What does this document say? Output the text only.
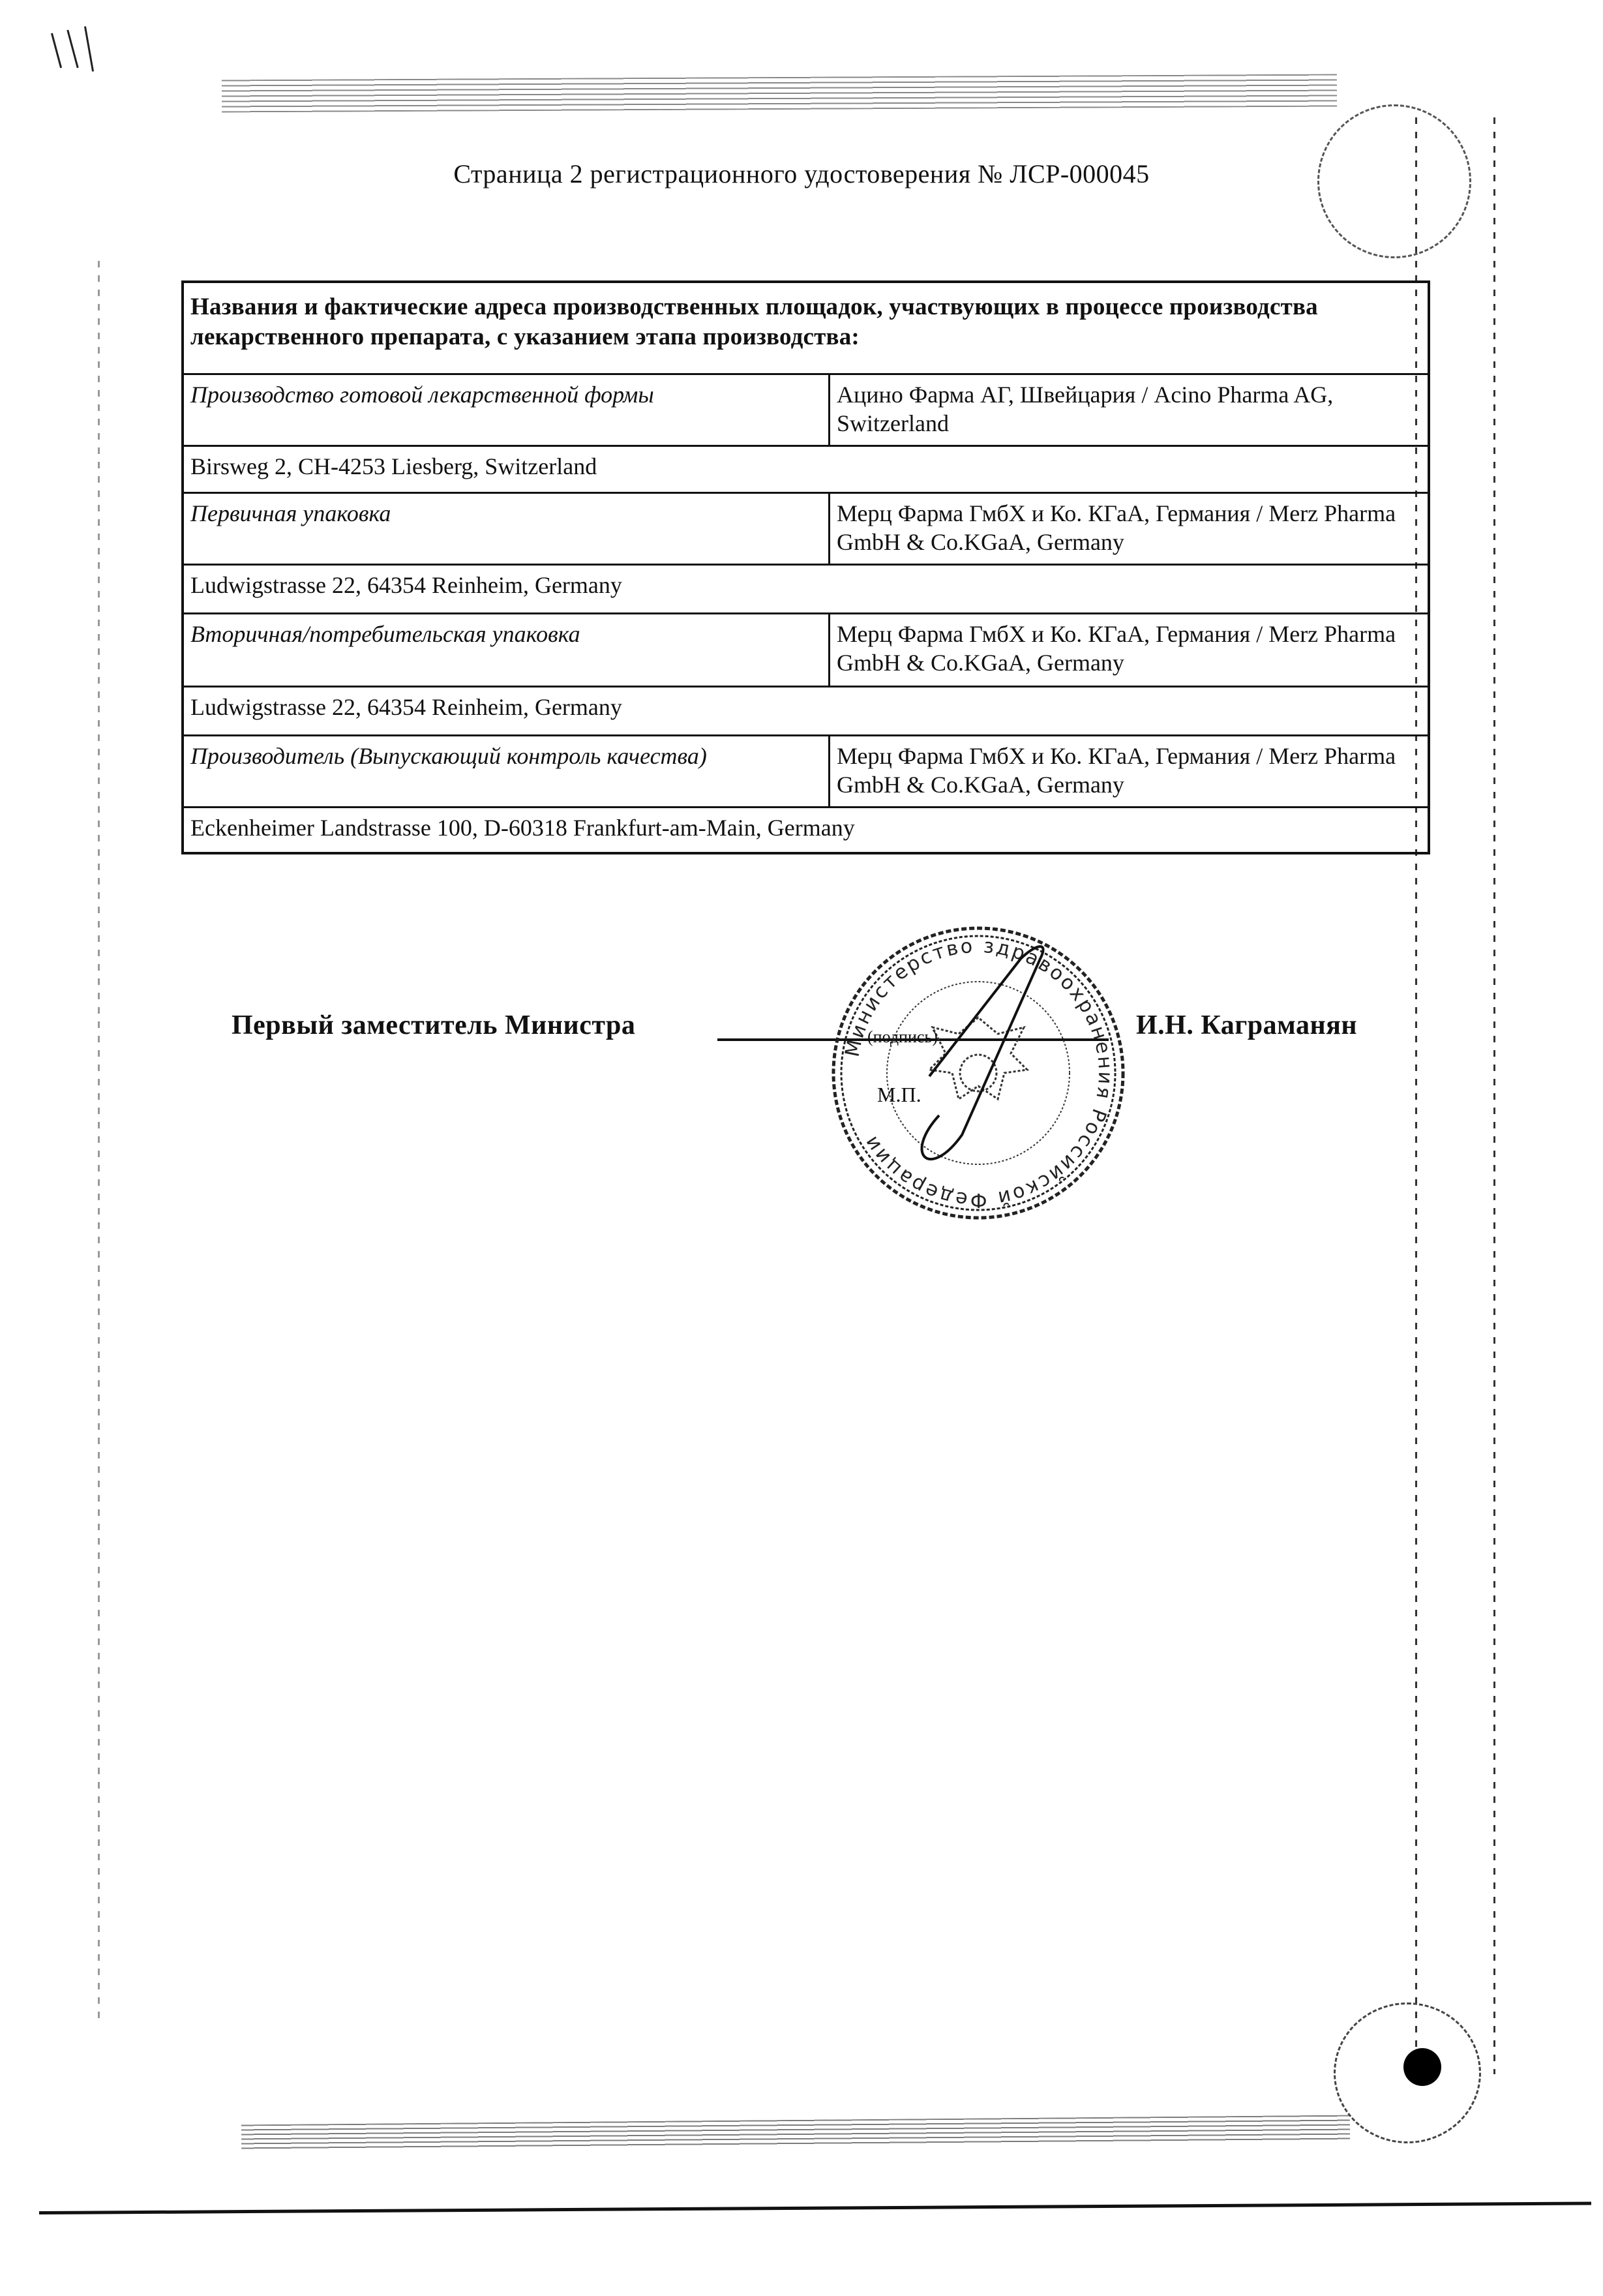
Страница 2 регистрационного удостоверения № ЛСР-000045
Названия и фактические адреса производственных площадок, участвующих в процессе производства лекарственного препарата, с указанием этапа производства:
Производство готовой лекарственной формы	Ацино Фарма АГ, Швейцария / Acino Pharma AG, Switzerland
Birsweg 2, CH-4253 Liesberg, Switzerland
Первичная упаковка	Мерц Фарма ГмбХ и Ко. КГаА, Германия / Merz Pharma GmbH & Co.KGaA, Germany
Ludwigstrasse 22, 64354 Reinheim, Germany
Вторичная/потребительская упаковка	Мерц Фарма ГмбХ и Ко. КГаА, Германия / Merz Pharma GmbH & Co.KGaA, Germany
Ludwigstrasse 22, 64354 Reinheim, Germany
Производитель (Выпускающий контроль качества)	Мерц Фарма ГмбХ и Ко. КГаА, Германия / Merz Pharma GmbH & Co.KGaA, Germany
Eckenheimer Landstrasse 100, D-60318 Frankfurt-am-Main, Germany
Первый заместитель Министра	И.Н. Каграманян
Министерство здравоохранения Российской Федерации
(подпись)
М.П.
